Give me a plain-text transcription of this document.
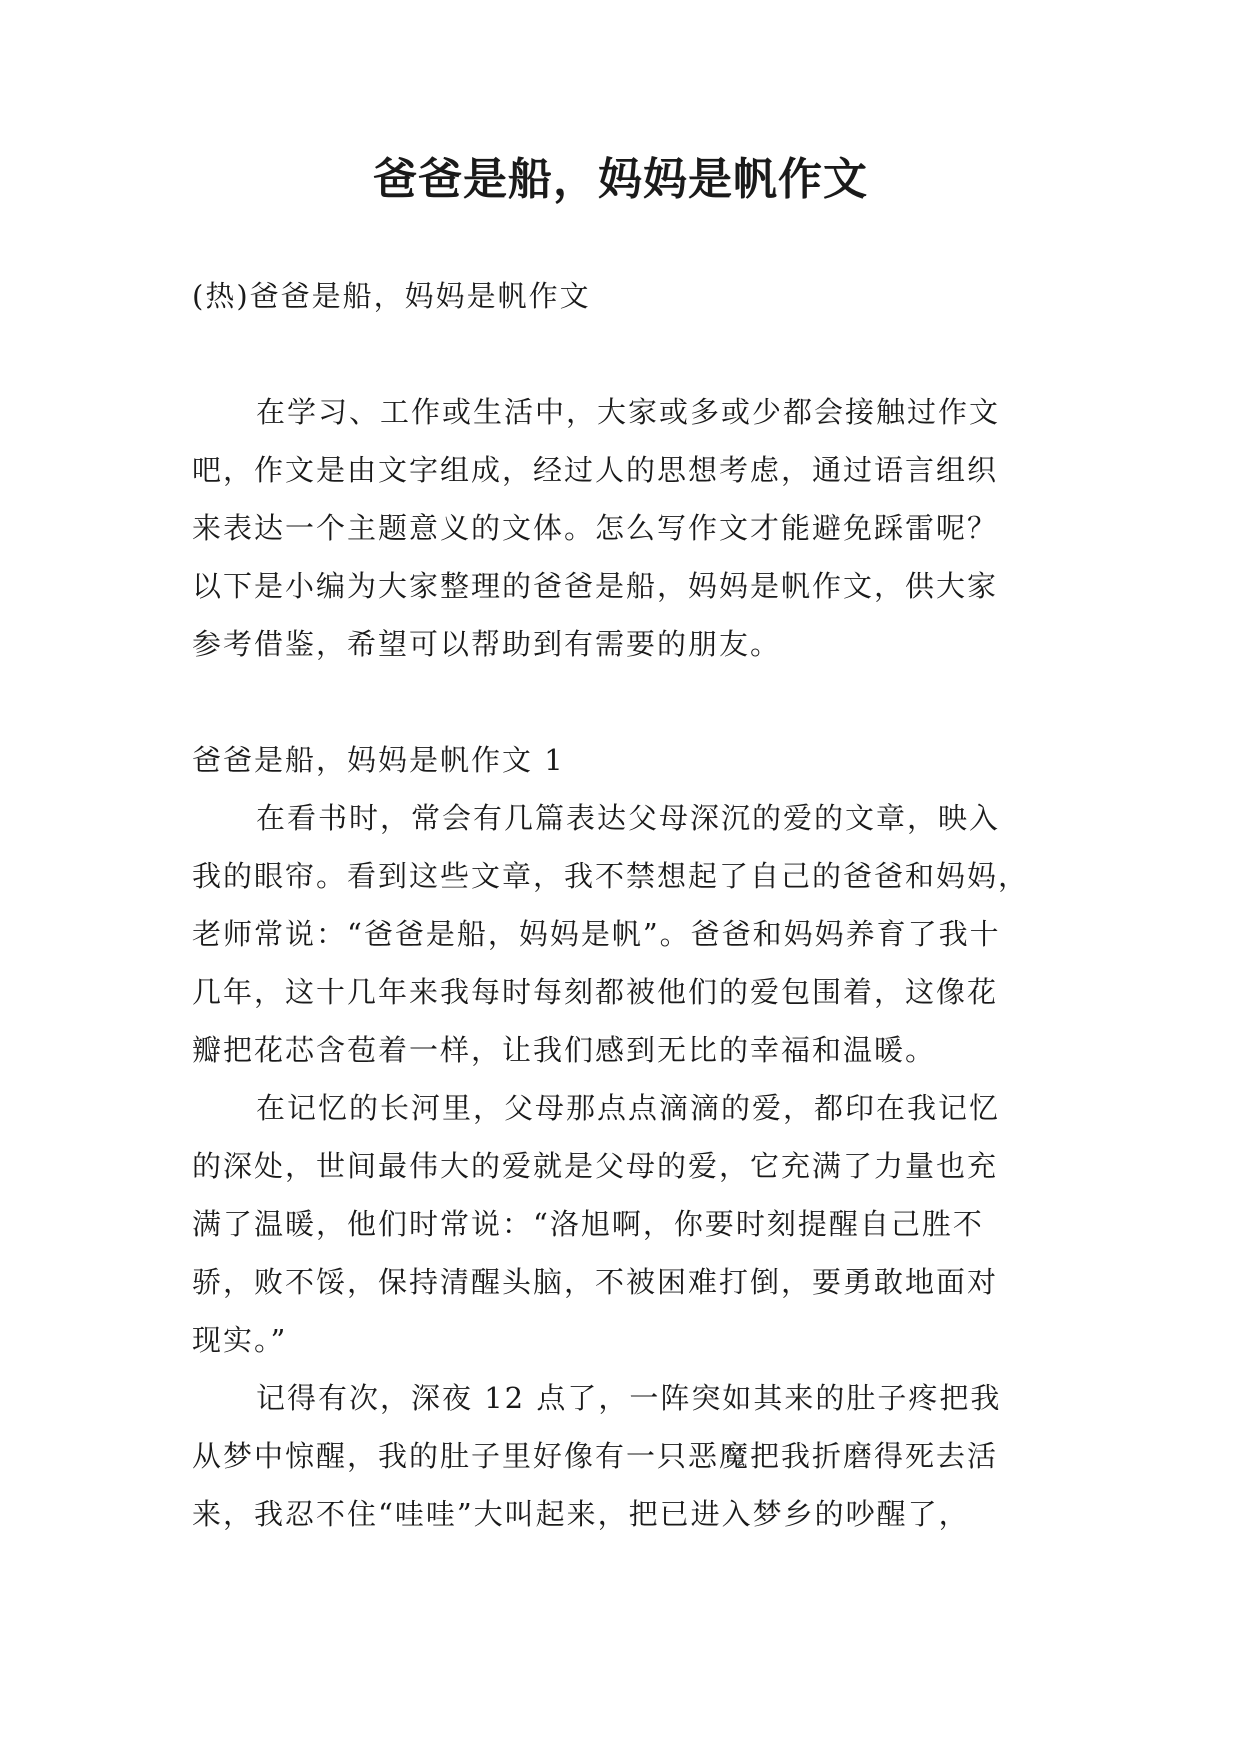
爸爸是船，妈妈是帆作文
(热)爸爸是船，妈妈是帆作文
在学习、工作或生活中，大家或多或少都会接触过作文
吧，作文是由文字组成，经过人的思想考虑，通过语言组织
来表达一个主题意义的文体。怎么写作文才能避免踩雷呢？
以下是小编为大家整理的爸爸是船，妈妈是帆作文，供大家
参考借鉴，希望可以帮助到有需要的朋友。
爸爸是船，妈妈是帆作文 1
在看书时，常会有几篇表达父母深沉的爱的文章，映入
我的眼帘。看到这些文章，我不禁想起了自己的爸爸和妈妈，
老师常说：“爸爸是船，妈妈是帆”。爸爸和妈妈养育了我十
几年，这十几年来我每时每刻都被他们的爱包围着，这像花
瓣把花芯含苞着一样，让我们感到无比的幸福和温暖。
在记忆的长河里，父母那点点滴滴的爱，都印在我记忆
的深处，世间最伟大的爱就是父母的爱，它充满了力量也充
满了温暖，他们时常说：“洛旭啊，你要时刻提醒自己胜不
骄，败不馁，保持清醒头脑，不被困难打倒，要勇敢地面对
现实。”
记得有次，深夜 12 点了，一阵突如其来的肚子疼把我
从梦中惊醒，我的肚子里好像有一只恶魔把我折磨得死去活
来，我忍不住“哇哇”大叫起来，把已进入梦乡的吵醒了，
